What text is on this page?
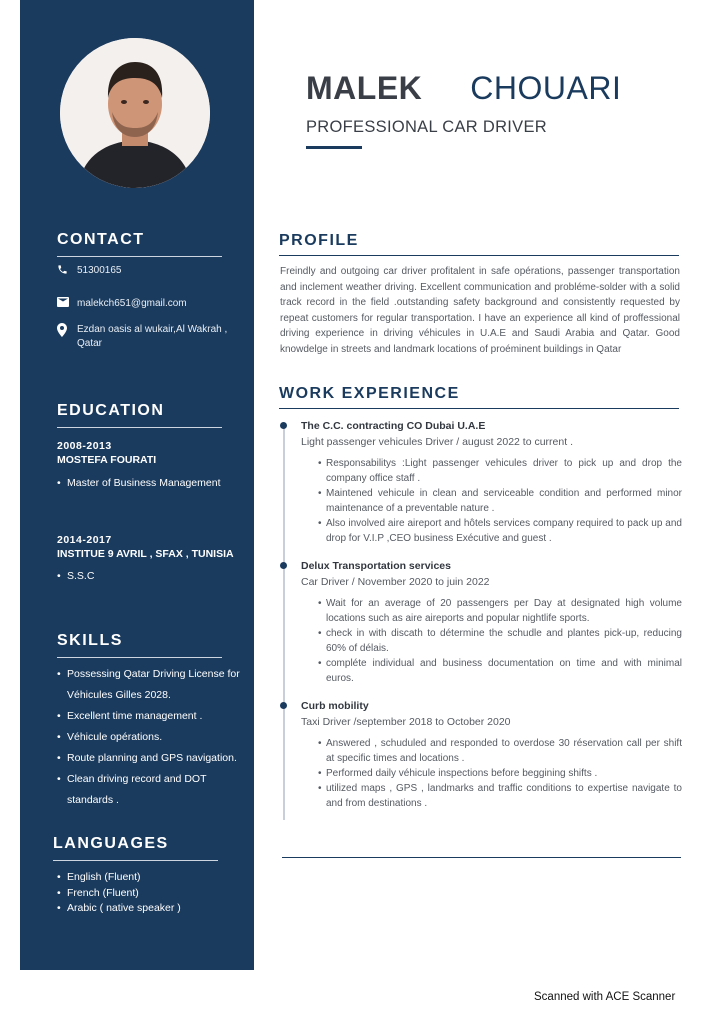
CONTACT
51300165
malekch651@gmail.com
Ezdan oasis al wukair,Al Wakrah , Qatar
EDUCATION
2008-2013
MOSTEFA FOURATI
• Master of Business Management
2014-2017
INSTITUE 9 AVRIL , SFAX , TUNISIA
• S.S.C
SKILLS
• Possessing Qatar Driving License for Véhicules Gilles 2028.
• Excellent time management .
• Véhicule opérations.
• Route planning and GPS navigation.
• Clean driving record and DOT standards .
LANGUAGES
• English (Fluent)
• French (Fluent)
• Arabic ( native speaker )
MALEK CHOUARI
PROFESSIONAL CAR DRIVER
PROFILE
Freindly and outgoing car driver profitalent in safe opérations, passenger transportation and inclement weather driving. Excellent communication and probléme-solder with a solid track record in the field .outstanding safety background and consistently requested by repeat customers for regular transportation. I have an experience all kind of proffessional driving experience in driving véhicules in U.A.E and Saudi Arabia and Qatar. Good knowdelge in streets and landmark locations of proéminent buildings in Qatar
WORK EXPERIENCE
The C.C. contracting CO Dubai U.A.E
Light passenger vehicules Driver / august 2022 to current .
• Responsabilitys :Light passenger vehicules driver to pick up and drop the company office staff .
• Maintened vehicule in clean and serviceable condition and performed minor maintenance of a preventable nature .
• Also involved aire aireport and hôtels services company required to pack up and drop for V.I.P ,CEO business Exécutive and guest .
Delux Transportation services
Car Driver / November 2020 to juin 2022
• Wait for an average of 20 passengers per Day at designated high volume locations such as aire aireports and popular nightlife sports.
• check in with discath to détermine the schudle and plantes pick-up, reducing 60% of délais.
• compléte individual and business documentation on time and with minimal euros.
Curb mobility
Taxi Driver /september 2018 to October 2020
• Answered , schuduled and responded to overdose 30 réservation call per shift at specific times and locations .
• Performed daily véhicule inspections before beggining shifts .
• utilized maps , GPS , landmarks and traffic conditions to expertise navigate to and from destinations .
Scanned with ACE Scanner
